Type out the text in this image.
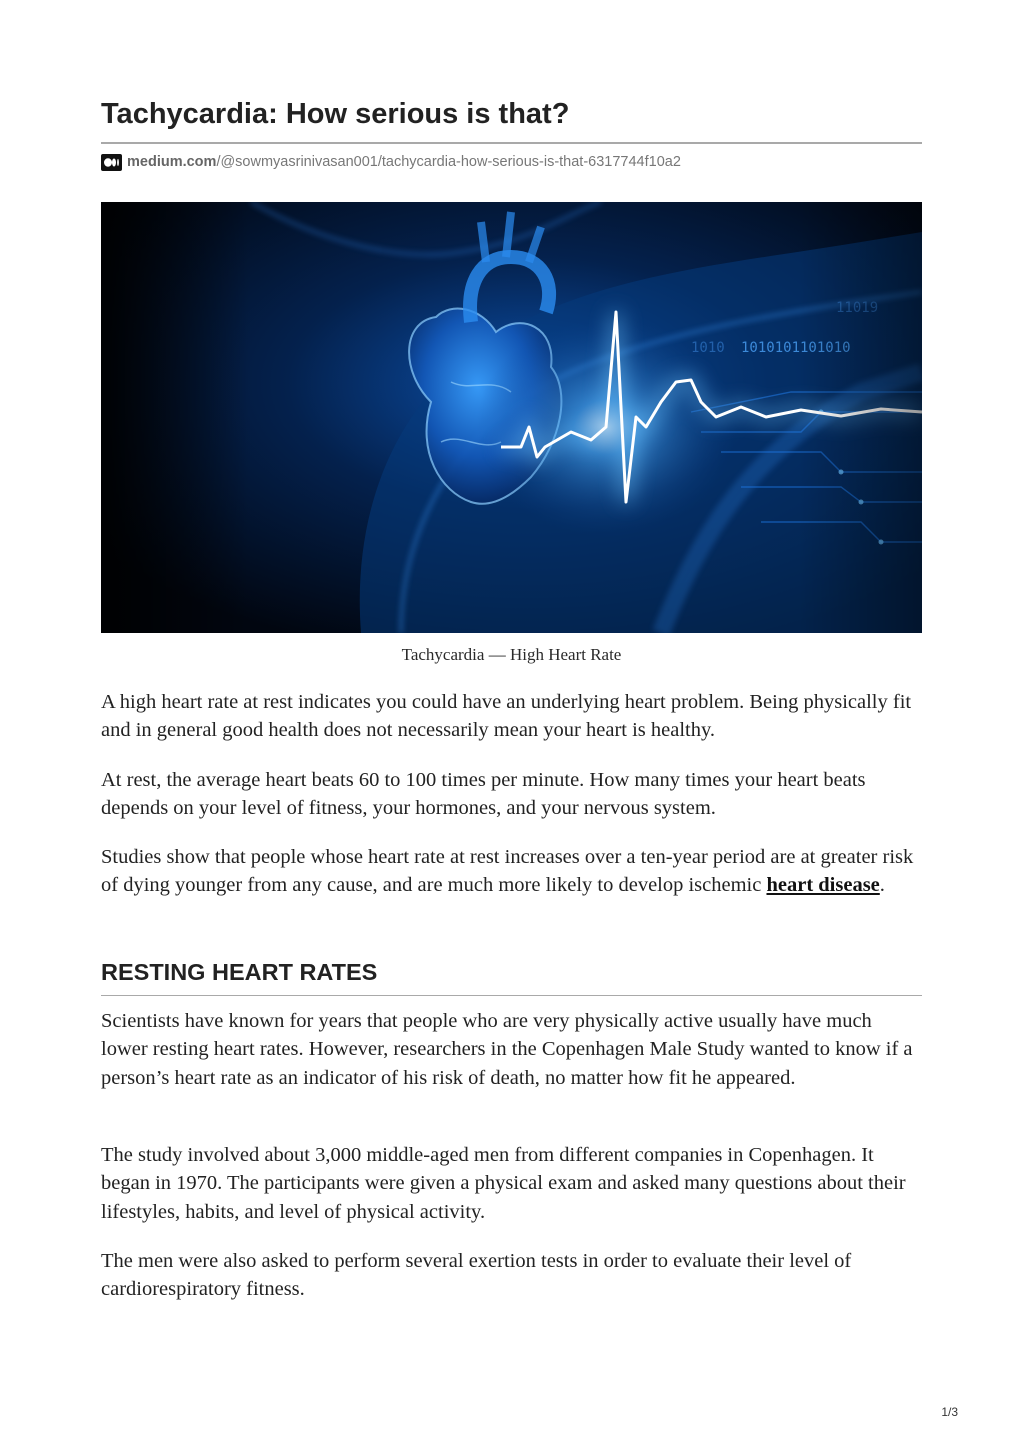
Tachycardia: How serious is that?
medium.com /@sowmyasrinivasan001/tachycardia-how-serious-is-that-6317744f10a2
Tachycardia — High Heart Rate

A high heart rate at rest indicates you could have an underlying heart problem. Being physically fit and in general good health does not necessarily mean your heart is healthy.

At rest, the average heart beats 60 to 100 times per minute. How many times your heart beats depends on your level of fitness, your hormones, and your nervous system.

Studies show that people whose heart rate at rest increases over a ten-year period are at greater risk of dying younger from any cause, and are much more likely to develop ischemic heart disease.

RESTING HEART RATES

Scientists have known for years that people who are very physically active usually have much lower resting heart rates. However, researchers in the Copenhagen Male Study wanted to know if a person’s heart rate as an indicator of his risk of death, no matter how fit he appeared.

The study involved about 3,000 middle-aged men from different companies in Copenhagen. It began in 1970. The participants were given a physical exam and asked many questions about their lifestyles, habits, and level of physical activity.

The men were also asked to perform several exertion tests in order to evaluate their level of cardiorespiratory fitness.

1/3
